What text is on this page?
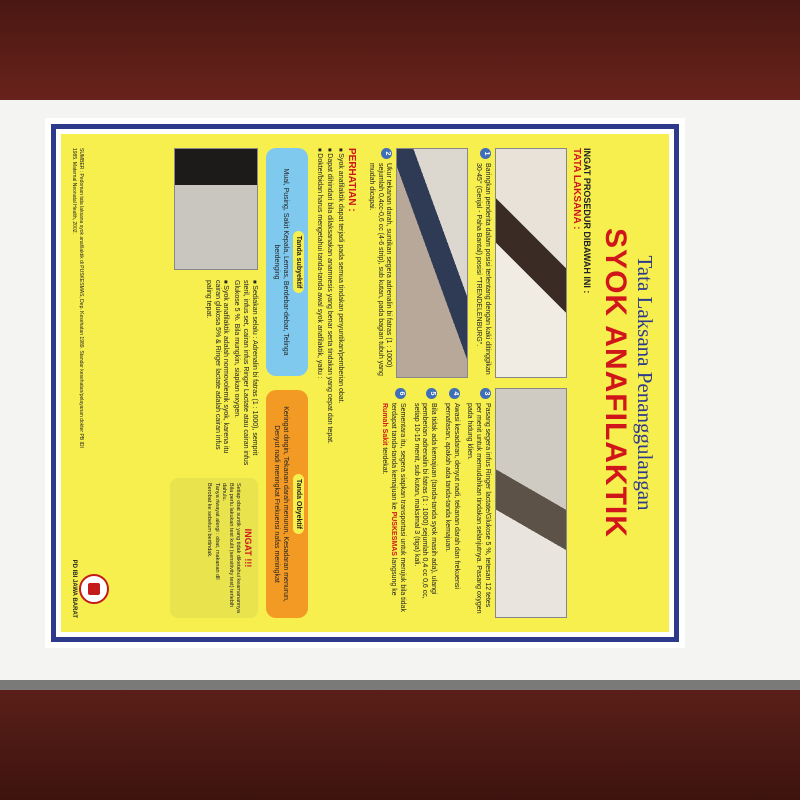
Tata Laksana Penanggulangan
SYOK ANAFILAKTIK
INGAT PROSEDUR DIBAWAH INI :
TATA LAKSANA :
1
Baringkan penderita dalam posisi terlentang dengan kaki ditinggikan 30-45° (Genjal - Paha Bantal) posisi "TRENDELENBURG".
2
Ukur tekanan darah, suntikan segera adrenalin bi fatras (1 : 1000) sejumlah 0,4cc-0,6 cc (4-6 strip), sub kutan, pada bagian tubuh yang mudah dicapai.
3
Pasang segera infus Ringer lactate/Glukose 5 %, tetesan 12 tetes per menit untuk memudahkan tindakan selanjutnya. Pasang oxygen pada hidung klien.
4
Awasi kesadaran, denyut nadi, tekanan darah dan frekuensi pernafasan, apakah ada tanda-tanda kemajuan.
5
Bila tidak ada kemajuan (tanda-tanda syok masih ada), ulangi pemberian adrenalin bi fatras (1 : 1000) sejumlah 0,4 cc 0,6 cc, setiap 10-15 menit, sub kutan, maksimal 3 (tiga) kali.
6
Sementara itu, segera siapkan transportasi untuk merujuk bila tidak terdapat tanda-tanda kemajuan ke PUSKESMAS langsung ke Rumah Sakit terdekat.
PERHATIAN :
■ Syok anafilaktik dapat terjadi pada semua tindakan penyuntikan/pemberian obat.
■ Dapat dihindari bila dilaksanakan anamnesis yang benar serta tindakan yang cepat dan tepat.
■ Dokter/bidan harus mengetahui tanda-tanda awal syok anafilaktik, yaitu :
Tanda subyektif
Mual, Pusing, Sakit Kepala, Lemas, Berdebar-debar, Telinga berdenging
Tanda Obyektif
Keringat dingin, Tekanan darah menurun, Kesadaran menurun, Denyut nadi meningkat Frekuensi nafas meningkat
■ Sediakan selalu : Adrenalin bi fatras (1 : 1000), semprit steril, infus set, cairan infus Ringer Lactate atau cairan infus Glukose 5 %. Bila mungkin, siapkan oxygen.
■ Syok anafilaktik adalah normovolemik syok, karena itu cairan glukosa 5% & Ringer lactate adalah cairan infus paling tepat.
INGAT !!!
Setiap obat suntik yang tidak diketahui keamanannya
Bila perlu lakukan test kulit (sensitivity test) terlebih dahulu.
Tanya riwayat alergi : obat, makanan dll
Berobat ke sebelum bertindak.
SUMBER : Pedoman tata laksana syok anafilaktik di PUSKESMAS, Dep. Kesehatan 1989. Standar kesehatan/pelayanan dokter PB IDI 1985. Maternal Neonatal Health, 2002.
PD IBI JAWA BARAT
